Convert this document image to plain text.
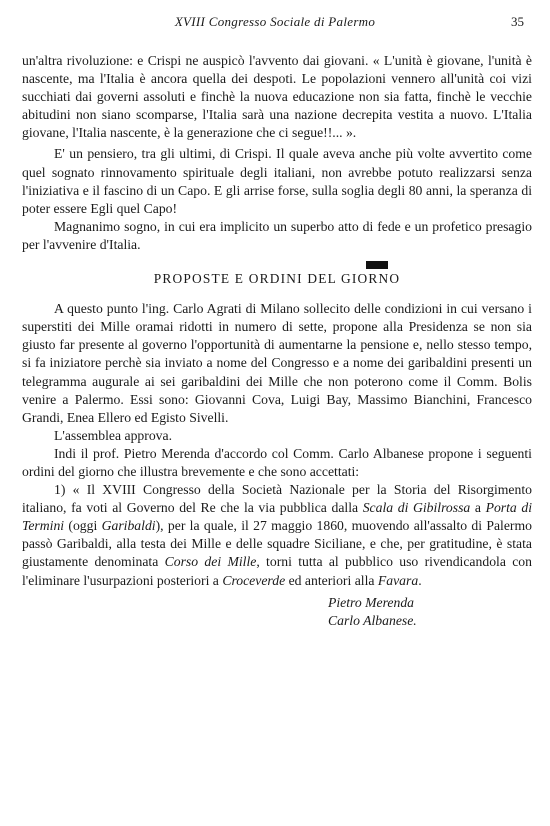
XVIII Congresso Sociale di Palermo	35

un'altra rivoluzione: e Crispi ne auspicò l'avvento dai giovani. « L'unità è giovane, l'unità è nascente, ma l'Italia è ancora quella dei despoti. Le popolazioni vennero all'unità coi vizi succhiati dai governi assoluti e finchè la nuova educazione non sia fatta, finchè le vecchie abitudini non siano scomparse, l'Italia sarà una nazione decrepita vestita a nuovo. L'Italia giovane, l'Italia nascente, è la generazione che ci segue!!... ».

E' un pensiero, tra gli ultimi, di Crispi. Il quale aveva anche più volte avvertito come quel sognato rinnovamento spirituale degli italiani, non avrebbe potuto realizzarsi senza l'iniziativa e il fascino di un Capo. E gli arrise forse, sulla soglia degli 80 anni, la speranza di poter essere Egli quel Capo!

Magnanimo sogno, in cui era implicito un superbo atto di fede e un profetico presagio per l'avvenire d'Italia.

PROPOSTE E ORDINI DEL GIORNO

A questo punto l'ing. Carlo Agrati di Milano sollecito delle condizioni in cui versano i superstiti dei Mille oramai ridotti in numero di sette, propone alla Presidenza se non sia giusto far presente al governo l'opportunità di aumentarne la pensione e, nello stesso tempo, si fa iniziatore perchè sia inviato a nome del Congresso e a nome dei garibaldini presenti un telegramma augurale ai sei garibaldini dei Mille che non poterono come il Comm. Bolis venire a Palermo. Essi sono: Giovanni Cova, Luigi Bay, Massimo Bianchini, Francesco Grandi, Enea Ellero ed Egisto Sivelli.

L'assemblea approva.

Indi il prof. Pietro Merenda d'accordo col Comm. Carlo Albanese propone i seguenti ordini del giorno che illustra brevemente e che sono accettati:

1) « Il XVIII Congresso della Società Nazionale per la Storia del Risorgimento italiano, fa voti al Governo del Re che la via pubblica dalla Scala di Gibilrossa a Porta di Termini (oggi Garibaldi), per la quale, il 27 maggio 1860, muovendo all'assalto di Palermo passò Garibaldi, alla testa dei Mille e delle squadre Siciliane, e che, per gratitudine, è stata giustamente denominata Corso dei Mille, torni tutta al pubblico uso rivendicandola con l'eliminare l'usurpazioni posteriori a Croceverde ed anteriori alla Favara.

Pietro Merenda

Carlo Albanese.
